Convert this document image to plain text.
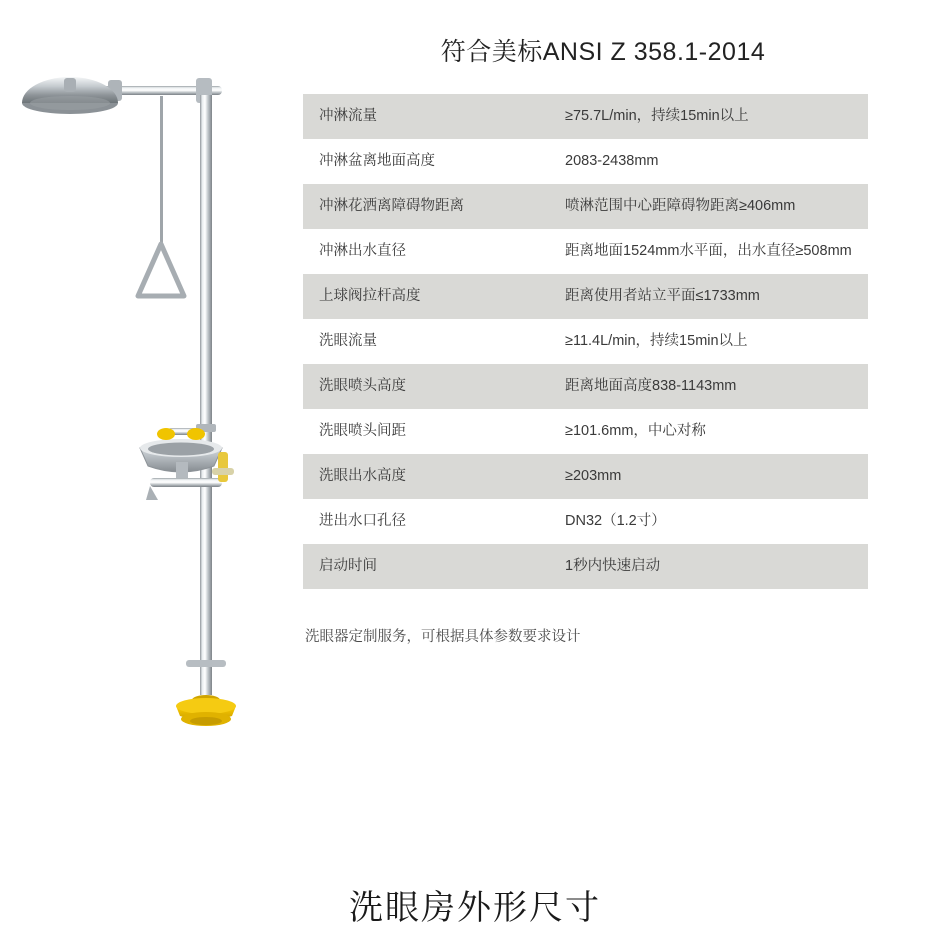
符合美标ANSI Z 358.1-2014
冲淋流量	≥75.7L/min，持续15min以上
冲淋盆离地面高度	2083-2438mm
冲淋花洒离障碍物距离	喷淋范围中心距障碍物距离≥406mm
冲淋出水直径	距离地面1524mm水平面，出水直径≥508mm
上球阀拉杆高度	距离使用者站立平面≤1733mm
洗眼流量	≥11.4L/min，持续15min以上
洗眼喷头高度	距离地面高度838-1143mm
洗眼喷头间距	≥101.6mm，中心对称
洗眼出水高度	≥203mm
进出水口孔径	DN32（1.2寸）
启动时间	1秒内快速启动
洗眼器定制服务，可根据具体参数要求设计
洗眼房外形尺寸
